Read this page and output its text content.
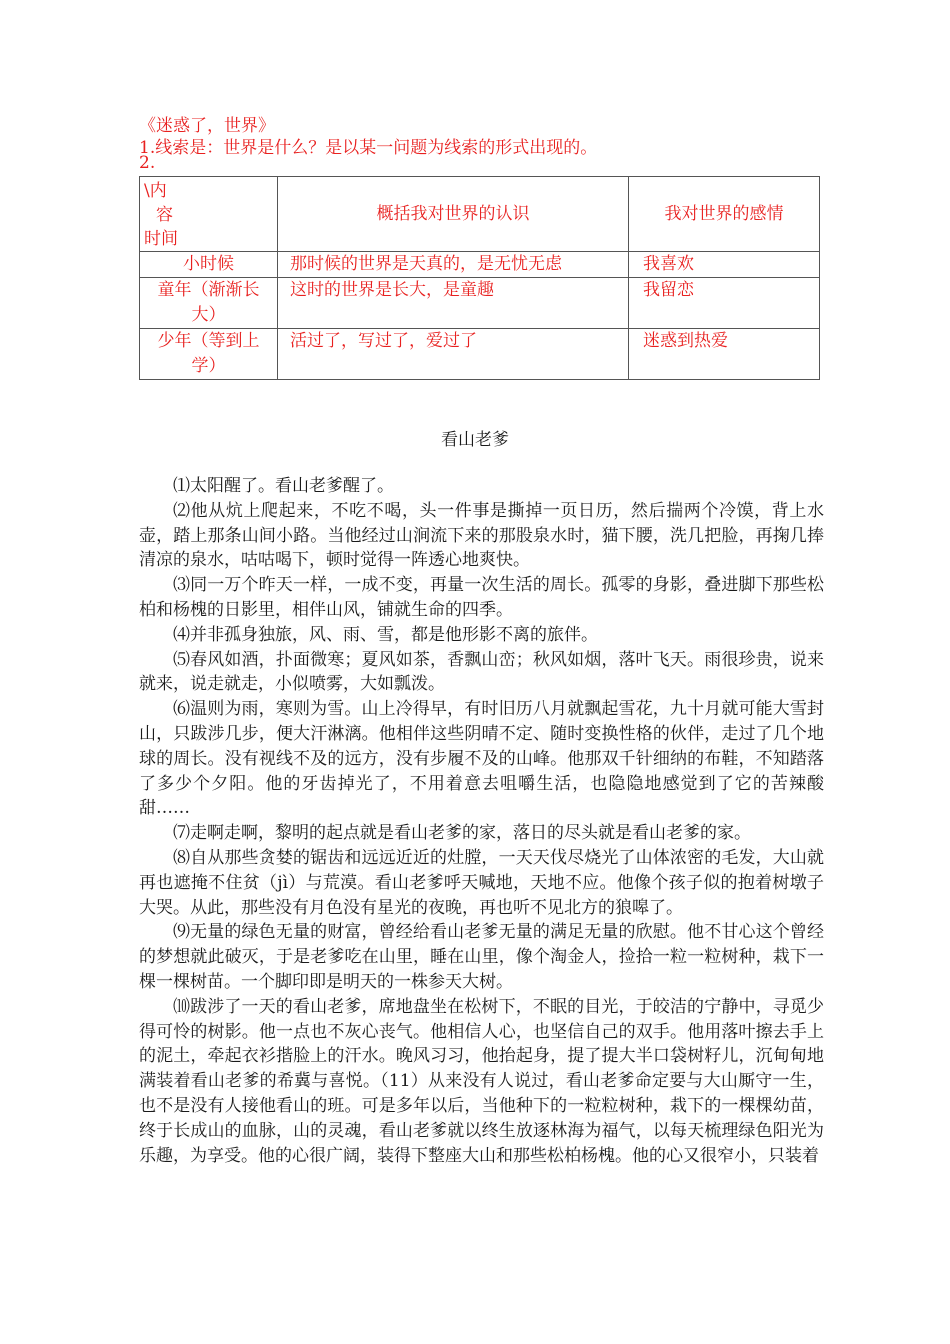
《迷惑了，世界》
1.线索是：世界是什么？是以某一问题为线索的形式出现的。
2.
\内
容
时间	概括我对世界的认识	我对世界的感情
小时候	那时候的世界是天真的，是无忧无虑	我喜欢
童年（渐渐长大）	这时的世界是长大，是童趣	我留恋
少年（等到上学）	活过了，写过了，爱过了	迷惑到热爱
看山老爹

⑴太阳醒了。看山老爹醒了。

⑵他从炕上爬起来，不吃不喝，头一件事是撕掉一页日历，然后揣两个冷馍，背上水壶，踏上那条山间小路。当他经过山涧流下来的那股泉水时，猫下腰，洗几把脸，再掬几捧清凉的泉水，咕咕喝下，顿时觉得一阵透心地爽快。

⑶同一万个昨天一样，一成不变，再量一次生活的周长。孤零的身影，叠进脚下那些松柏和杨槐的日影里，相伴山风，铺就生命的四季。

⑷并非孤身独旅，风、雨、雪，都是他形影不离的旅伴。

⑸春风如酒，扑面微寒；夏风如茶，香飘山峦；秋风如烟，落叶飞天。雨很珍贵，说来就来，说走就走，小似喷雾，大如瓢泼。

⑹温则为雨，寒则为雪。山上冷得早，有时旧历八月就飘起雪花，九十月就可能大雪封山，只跋涉几步，便大汗淋漓。他相伴这些阴晴不定、随时变换性格的伙伴，走过了几个地球的周长。没有视线不及的远方，没有步履不及的山峰。他那双千针细纳的布鞋，不知踏落了多少个夕阳。他的牙齿掉光了，不用着意去咀嚼生活，也隐隐地感觉到了它的苦辣酸甜……

⑺走啊走啊，黎明的起点就是看山老爹的家，落日的尽头就是看山老爹的家。

⑻自从那些贪婪的锯齿和远远近近的灶膛，一天天伐尽烧光了山体浓密的毛发，大山就再也遮掩不住贫（jì）与荒漠。看山老爹呼天喊地，天地不应。他像个孩子似的抱着树墩子大哭。从此，那些没有月色没有星光的夜晚，再也听不见北方的狼嗥了。

⑼无量的绿色无量的财富，曾经给看山老爹无量的满足无量的欣慰。他不甘心这个曾经的梦想就此破灭，于是老爹吃在山里，睡在山里，像个淘金人，捡拾一粒一粒树种，栽下一棵一棵树苗。一个脚印即是明天的一株参天大树。

⑽跋涉了一天的看山老爹，席地盘坐在松树下，不眠的目光，于皎洁的宁静中，寻觅少得可怜的树影。他一点也不灰心丧气。他相信人心，也坚信自己的双手。他用落叶擦去手上的泥土，牵起衣衫揩脸上的汗水。晚风习习，他抬起身，提了提大半口袋树籽儿，沉甸甸地满装着看山老爹的希冀与喜悦。（11）从来没有人说过，看山老爹命定要与大山厮守一生，也不是没有人接他看山的班。可是多年以后，当他种下的一粒粒树种，栽下的一棵棵幼苗，终于长成山的血脉，山的灵魂，看山老爹就以终生放逐林海为福气，以每天梳理绿色阳光为乐趣，为享受。他的心很广阔，装得下整座大山和那些松柏杨槐。他的心又很窄小，只装着
